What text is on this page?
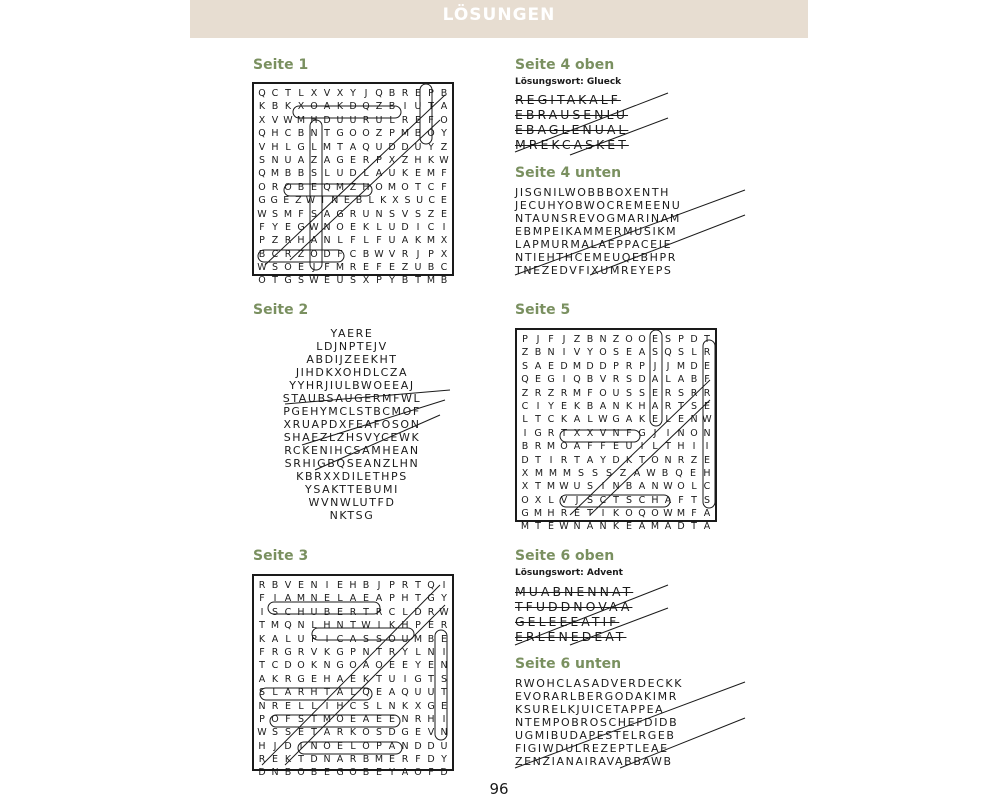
LÖSUNGEN
Seite 1
Q C T L X V X Y J Q B R E P B
K B K X O A K D Q Z B I U T A
X V W M H D U U R U L R E F O
Q H C B N T G O O Z P M B O Y
V H L G L M T A Q U D D U Y Z
S N U A Z A G E R P X Z H K W
Q M B B S L U D L A U K E M F
O R O B E Q M Z H O M O T C F
G G E Z W I N E B L K X S U C E
W S M F S A G R U N S V S Z E
F Y E G W N O E K L U D I C I
P Z R H A N L F L F U A K M X
B C R Z O D F C B W V R J P X
W S O E J F M R E F E Z U B C
O T G S W E U S X P Y B T M B
Seite 2
YAERE
LDJNPTEJV
ABDIJZEEKHT
JIHDKXOHDLCZA
YYHRJIULBWOEEAJ
STAUBSAUGERMFWL
PGEHYMCLSTBCMOF
XRUAPDXFEAFOSON
SHAEZLZHSVYCEWK
RCKENIHCSAMHEAN
SRHIGBQSEANZLHN
KBRXXDILETHPS
YSAKTTEBUMI
WVNWLUTFD
NKTSG
Seite 3
R B V E N I E H B J P R T Q I
F I A M N E L A E A P H T G Y
I S C H U B E R T R C L D R W
T M Q N L H N T W I K H P E R
K A L U P I C A S S O U M B E
F R G R V K G P N T R Y L N I
T C D O K N G O A O E E Y E N
A K R G E H A E K T U I G T S
S L A R H T A L Q E A Q U U T
N R E L L I H C S L N K X G E
P O F S T M O E A E E N R H I
W S S E T A R K O S D G E V N
H J D I N O E L O P A N D D U
R E K T D N A R B M E R F D Y
D N B O B E G O B E Y A O F D
Seite 4 oben
Lösungswort: Glueck
REGITAKALF
EBRAUSENLU
EBAGLENUAL
MREKCASKET
Seite 4 unten
JISGNILWOBBBOXENTH
JECUHYOBWOCREMEENU
NTAUNSREVOGMARINAM
EBMPEIKAMMERMUSIKM
LAPMURMALAEPPACEIE
NTIEHTHCEMEUQEBHPR
TNEZEDVFIXUMREYEPS
Seite 5
P J F J Z B N Z O O E S P D T
Z B N I V Y O S E A S Q S L R
S A E D M D D P R P J	J M D E
Q E G I Q B V R S D A L A B F
Z R Z R M F O U S S E R S R R
C I Y E K B A N K H A R T S E
L T C K A L W G A K E L E N W
I G R T X X V N F G J	I N O N
B R M O A F F E U I L T H I	I
D T I R T A Y D K T O N R Z E
X M M M S S S Z A W B Q E H
X T M W U S I N B A N W O L C
O X L V J S C T S C H A F T S
G M H R E T I K O Q O W M F A
M T E W N A N K E A M A D T A
Seite 6 oben
Lösungswort: Advent
MUABNENNAT
TFUDDNOVAA
GELEEEATIF
ERLENEDEAT
Seite 6 unten
RWOHCLASADVERDECKK
EVORARLBERGODAKIMR
KSURELKJUICETAPPEA
NTEMPOBROSCHEFDIDB
UGMIBUDAPESTELRGEB
FIGIWDULREZEPTLEAE
ZENZIANAIRAVABBAWB
96
